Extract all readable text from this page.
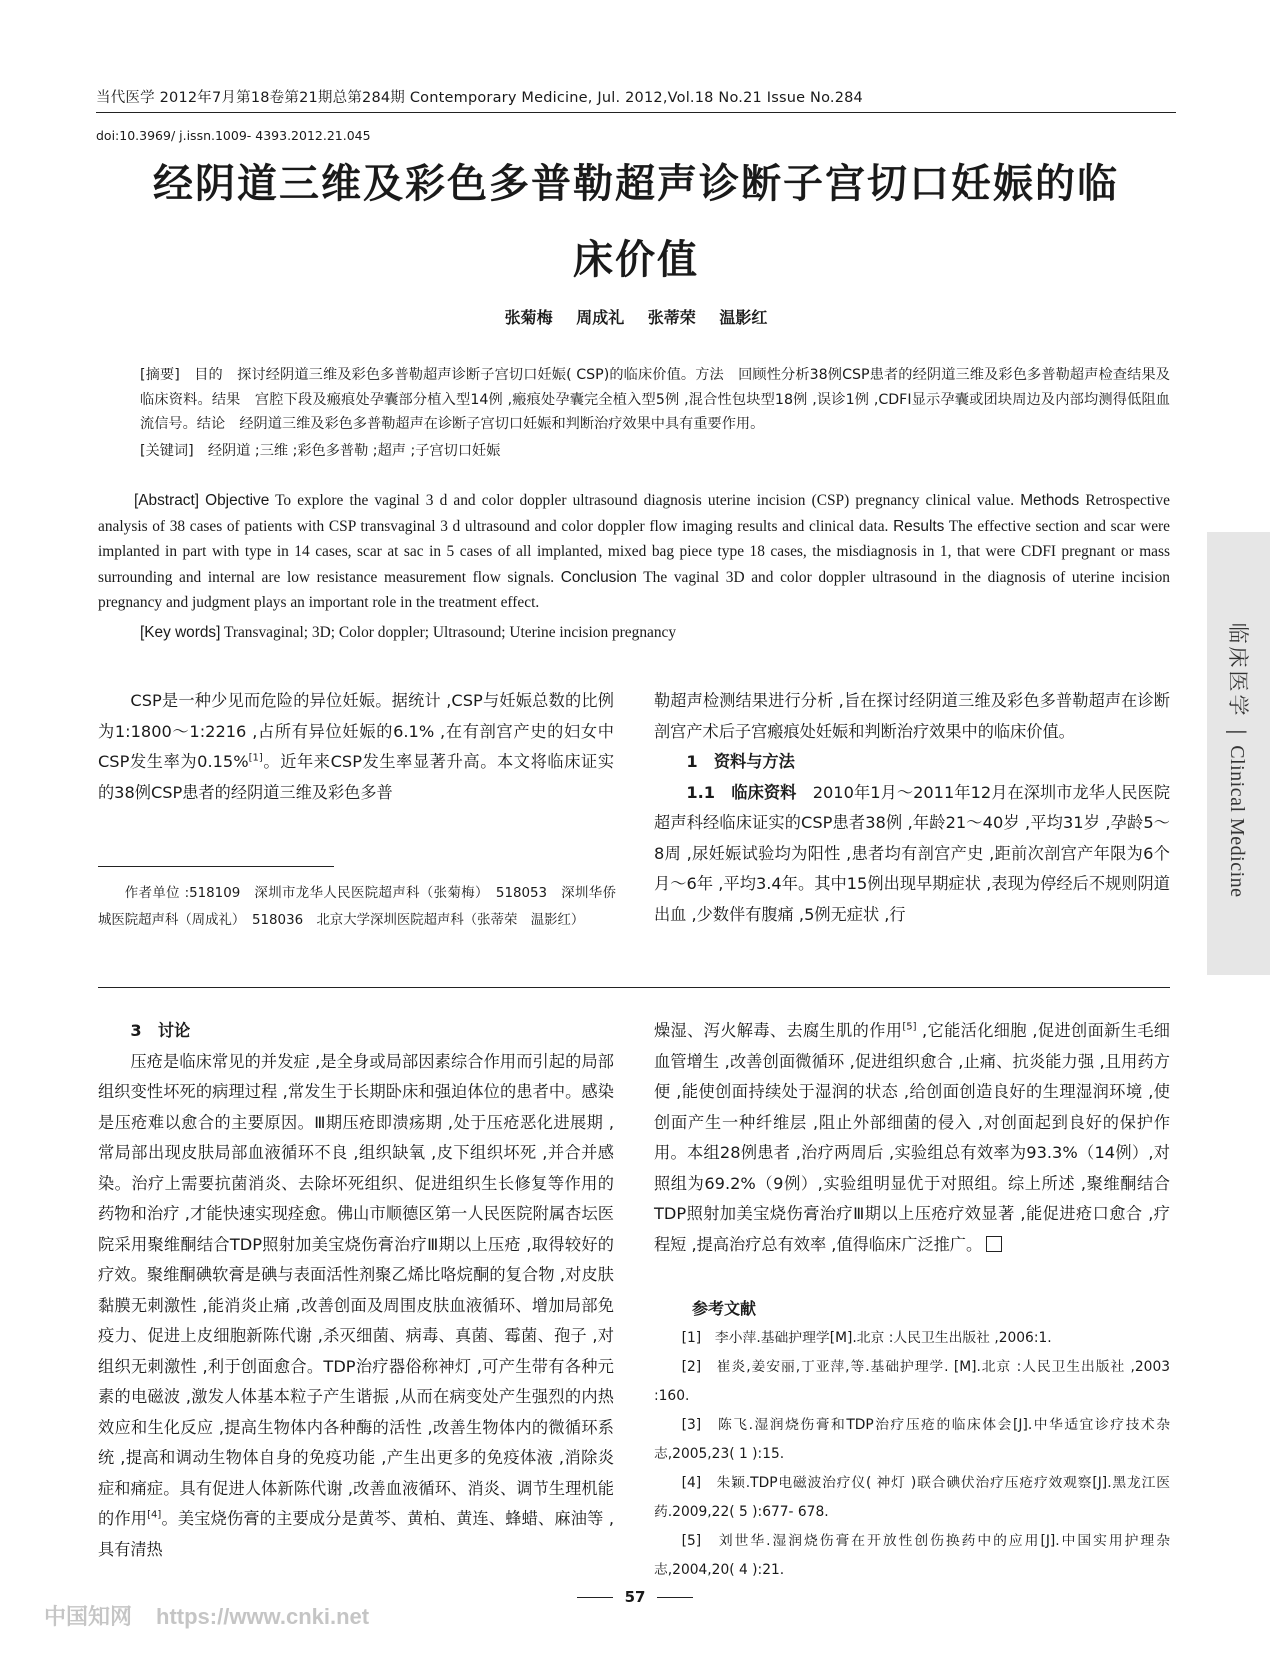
当代医学 2012年7月第18卷第21期总第284期 Contemporary Medicine, Jul. 2012,Vol.18 No.21 Issue No.284
doi:10.3969/ j.issn.1009- 4393.2012.21.045
经阴道三维及彩色多普勒超声诊断子宫切口妊娠的临
床价值
张菊梅 周成礼 张蒂荣 温影红
[摘要]　 目的　 探讨经阴道三维及彩色多普勒超声诊断子宫切口妊娠( CSP)的临床价值。方法　 回顾性分析38例CSP患者的经阴道三维及彩色多普勒超声检查结果及临床资料。结果　 宫腔下段及瘢痕处孕囊部分植入型14例 ,瘢痕处孕囊完全植入型5例 ,混合性包块型18例 ,误诊1例 ,CDFI显示孕囊或团块周边及内部均测得低阻血流信号。结论　 经阴道三维及彩色多普勒超声在诊断子宫切口妊娠和判断治疗效果中具有重要作用。
[关键词]　 经阴道 ;三维 ;彩色多普勒 ;超声 ;子宫切口妊娠
[Abstract] Objective To explore the vaginal 3 d and color doppler ultrasound diagnosis uterine incision (CSP) pregnancy clinical value. Methods Retrospective analysis of 38 cases of patients with CSP transvaginal 3 d ultrasound and color doppler flow imaging results and clinical data. Results The effective section and scar were implanted in part with type in 14 cases, scar at sac in 5 cases of all implanted, mixed bag piece type 18 cases, the misdiagnosis in 1, that were CDFI pregnant or mass surrounding and internal are low resistance measurement flow signals. Conclusion The vaginal 3D and color doppler ultrasound in the diagnosis of uterine incision pregnancy and judgment plays an important role in the treatment effect.
[Key words] Transvaginal; 3D; Color doppler; Ultrasound; Uterine incision pregnancy	临床医学|Clinical Medicine
CSP是一种少见而危险的异位妊娠。据统计 ,CSP与妊娠总数的比例为1:1800～1:2216 ,占所有异位妊娠的6.1% ,在有剖宫产史的妇女中CSP发生率为0.15%[1]。近年来CSP发生率显著升高。本文将临床证实的38例CSP患者的经阴道三维及彩色多普
勒超声检测结果进行分析 ,旨在探讨经阴道三维及彩色多普勒超声在诊断剖宫产术后子宫瘢痕处妊娠和判断治疗效果中的临床价值。
1　资料与方法
1.1　临床资料　 2010年1月～2011年12月在深圳市龙华人民医院超声科经临床证实的CSP患者38例 ,年龄21～40岁 ,平均31岁 ,孕龄5～8周 ,尿妊娠试验均为阳性 ,患者均有剖宫产史 ,距前次剖宫产年限为6个月～6年 ,平均3.4年。其中15例出现早期症状 ,表现为停经后不规则阴道出血 ,少数伴有腹痛 ,5例无症状 ,行
作者单位 :518109　深圳市龙华人民医院超声科（张菊梅）　518053　深圳华侨城医院超声科（周成礼）　518036　北京大学深圳医院超声科（张蒂荣　温影红）
3　讨论
压疮是临床常见的并发症 ,是全身或局部因素综合作用而引起的局部组织变性坏死的病理过程 ,常发生于长期卧床和强迫体位的患者中。感染是压疮难以愈合的主要原因。Ⅲ期压疮即溃疡期 ,处于压疮恶化进展期 ,常局部出现皮肤局部血液循环不良 ,组织缺氧 ,皮下组织坏死 ,并合并感染。治疗上需要抗菌消炎、去除坏死组织、促进组织生长修复等作用的药物和治疗 ,才能快速实现痊愈。佛山市顺德区第一人民医院附属杏坛医院采用聚维酮结合TDP照射加美宝烧伤膏治疗Ⅲ期以上压疮 ,取得较好的疗效。聚维酮碘软膏是碘与表面活性剂聚乙烯比咯烷酮的复合物 ,对皮肤黏膜无刺激性 ,能消炎止痛 ,改善创面及周围皮肤血液循环、增加局部免疫力、促进上皮细胞新陈代谢 ,杀灭细菌、病毒、真菌、霉菌、孢子 ,对组织无刺激性 ,利于创面愈合。TDP治疗器俗称神灯 ,可产生带有各种元素的电磁波 ,激发人体基本粒子产生谐振 ,从而在病变处产生强烈的内热效应和生化反应 ,提高生物体内各种酶的活性 ,改善生物体内的微循环系统 ,提高和调动生物体自身的免疫功能 ,产生出更多的免疫体液 ,消除炎症和痛症。具有促进人体新陈代谢 ,改善血液循环、消炎、调节生理机能的作用[4]。美宝烧伤膏的主要成分是黄芩、黄柏、黄连、蜂蜡、麻油等 ,具有清热
燥湿、泻火解毒、去腐生肌的作用[5] ,它能活化细胞 ,促进创面新生毛细血管增生 ,改善创面微循环 ,促进组织愈合 ,止痛、抗炎能力强 ,且用药方便 ,能使创面持续处于湿润的状态 ,给创面创造良好的生理湿润环境 ,使创面产生一种纤维层 ,阻止外部细菌的侵入 ,对创面起到良好的保护作用。本组28例患者 ,治疗两周后 ,实验组总有效率为93.3%（14例）,对照组为69.2%（9例）,实验组明显优于对照组。综上所述 ,聚维酮结合TDP照射加美宝烧伤膏治疗Ⅲ期以上压疮疗效显著 ,能促进疮口愈合 ,疗程短 ,提高治疗总有效率 ,值得临床广泛推广。
参考文献
[1]　李小萍.基础护理学[M].北京 :人民卫生出版社 ,2006:1.
[2]　崔炎,姜安丽,丁亚萍,等.基础护理学. [M].北京 :人民卫生出版社 ,2003 :160.
[3]　陈飞.湿润烧伤膏和TDP治疗压疮的临床体会[J].中华适宜诊疗技术杂志,2005,23( 1 ):15.
[4]　朱颖.TDP电磁波治疗仪( 神灯 )联合碘伏治疗压疮疗效观察[J].黑龙江医药.2009,22( 5 ):677- 678.
[5]　刘世华.湿润烧伤膏在开放性创伤换药中的应用[J].中国实用护理杂志,2004,20( 4 ):21.
57
中国知网 https://www.cnki.net
